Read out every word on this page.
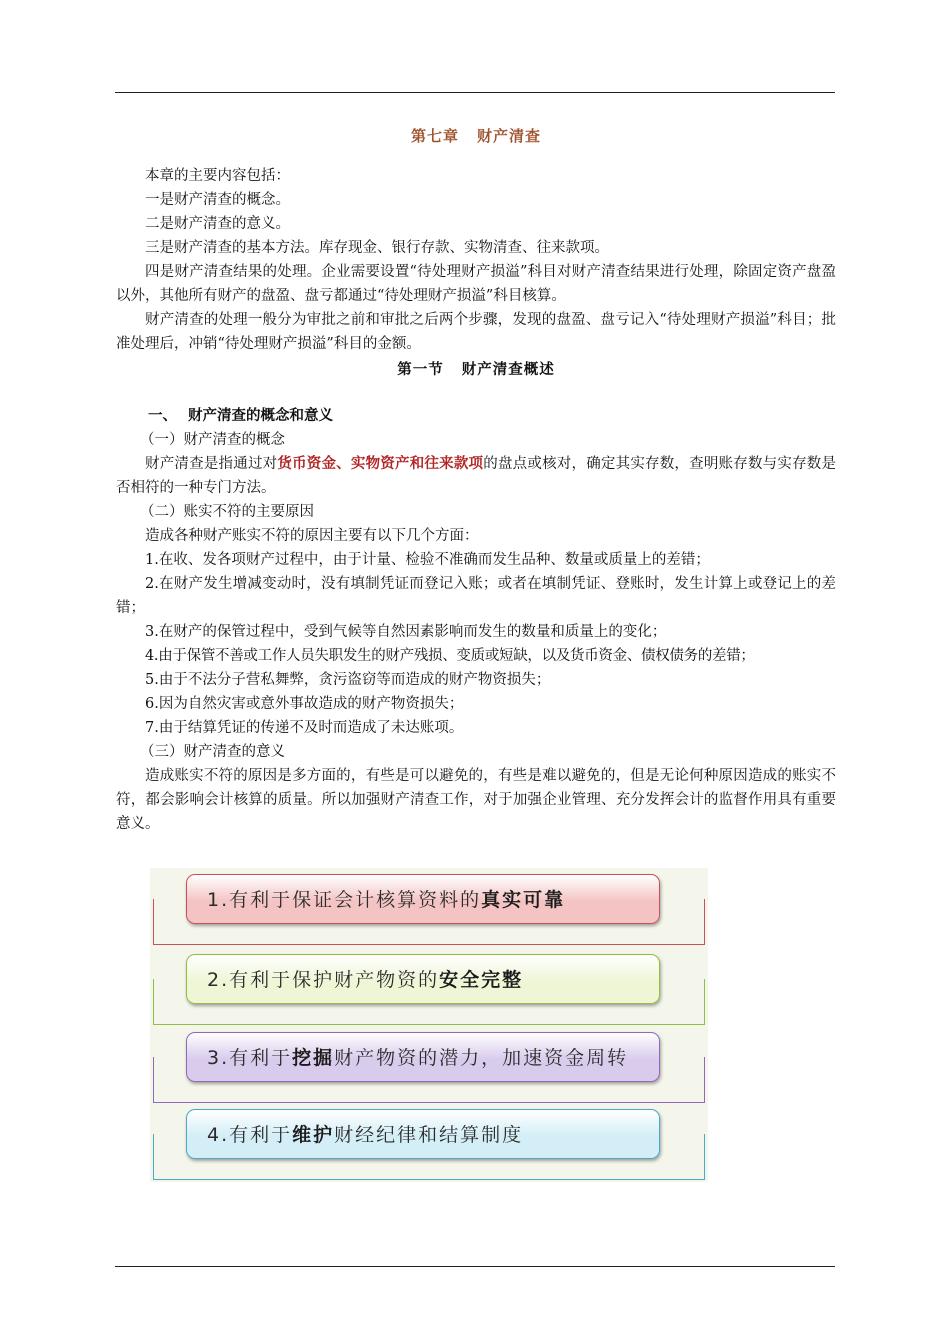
第七章 财产清查

本章的主要内容包括：

一是财产清查的概念。

二是财产清查的意义。

三是财产清查的基本方法。库存现金、银行存款、实物清查、往来款项。

四是财产清查结果的处理。企业需要设置“待处理财产损溢”科目对财产清查结果进行处理，除固定资产盘盈以外，其他所有财产的盘盈、盘亏都通过“待处理财产损溢”科目核算。

财产清查的处理一般分为审批之前和审批之后两个步骤，发现的盘盈、盘亏记入“待处理财产损溢”科目；批准处理后，冲销“待处理财产损溢”科目的金额。

第一节 财产清查概述
一、 财产清查的概念和意义
（一）财产清查的概念

财产清查是指通过对货币资金、实物资产和往来款项的盘点或核对，确定其实存数，查明账存数与实存数是否相符的一种专门方法。

（二）账实不符的主要原因

造成各种财产账实不符的原因主要有以下几个方面：

1.在收、发各项财产过程中，由于计量、检验不准确而发生品种、数量或质量上的差错；

2.在财产发生增减变动时，没有填制凭证而登记入账；或者在填制凭证、登账时，发生计算上或登记上的差错；

3.在财产的保管过程中，受到气候等自然因素影响而发生的数量和质量上的变化；

4.由于保管不善或工作人员失职发生的财产残损、变质或短缺，以及货币资金、债权债务的差错；

5.由于不法分子营私舞弊，贪污盗窃等而造成的财产物资损失；

6.因为自然灾害或意外事故造成的财产物资损失；

7.由于结算凭证的传递不及时而造成了未达账项。

（三）财产清查的意义

造成账实不符的原因是多方面的，有些是可以避免的，有些是难以避免的，但是无论何种原因造成的账实不符，都会影响会计核算的质量。所以加强财产清查工作，对于加强企业管理、充分发挥会计的监督作用具有重要意义。

1.有利于保证会计核算资料的真实可靠
2.有利于保护财产物资的安全完整
3.有利于挖掘财产物资的潜力，加速资金周转
4.有利于维护财经纪律和结算制度
